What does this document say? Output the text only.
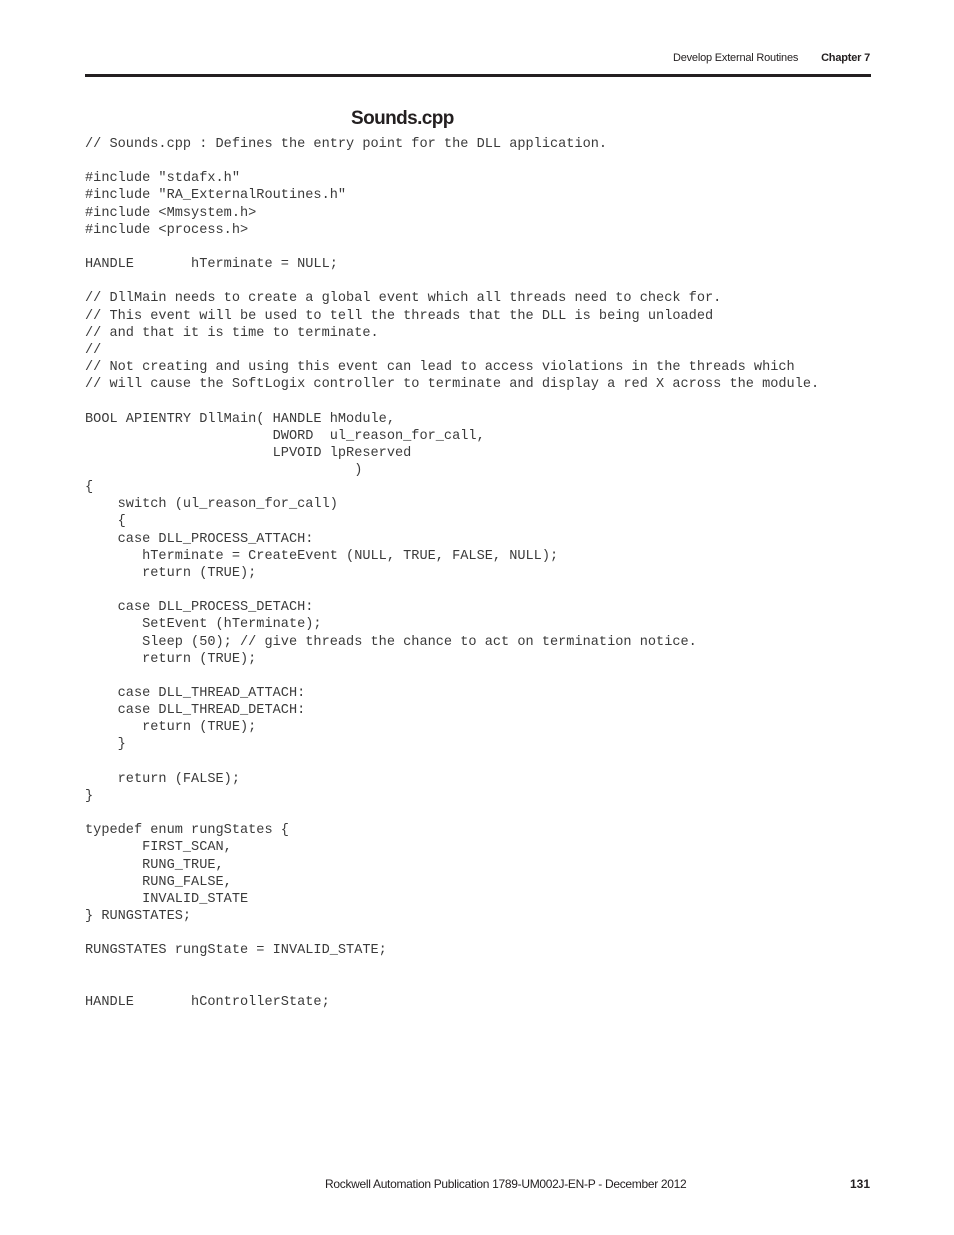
Develop External Routines Chapter 7
Sounds.cpp
// Sounds.cpp : Defines the entry point for the DLL application.

#include "stdafx.h"
#include "RA_ExternalRoutines.h"
#include <Mmsystem.h>
#include <process.h>

HANDLE       hTerminate = NULL;

// DllMain needs to create a global event which all threads need to check for.
// This event will be used to tell the threads that the DLL is being unloaded
// and that it is time to terminate.
//
// Not creating and using this event can lead to access violations in the threads which
// will cause the SoftLogix controller to terminate and display a red X across the module.

BOOL APIENTRY DllMain( HANDLE hModule,
DWORD  ul_reason_for_call,
LPVOID lpReserved
)
{
switch (ul_reason_for_call)
{
case DLL_PROCESS_ATTACH:
hTerminate = CreateEvent (NULL, TRUE, FALSE, NULL);
return (TRUE);

case DLL_PROCESS_DETACH:
SetEvent (hTerminate);
Sleep (50); // give threads the chance to act on termination notice.
return (TRUE);

case DLL_THREAD_ATTACH:
case DLL_THREAD_DETACH:
return (TRUE);
}

return (FALSE);
}

typedef enum rungStates {
FIRST_SCAN,
RUNG_TRUE,
RUNG_FALSE,
INVALID_STATE
} RUNGSTATES;

RUNGSTATES rungState = INVALID_STATE;

HANDLE       hControllerState;
Rockwell Automation Publication 1789-UM002J-EN-P - December 2012	131
